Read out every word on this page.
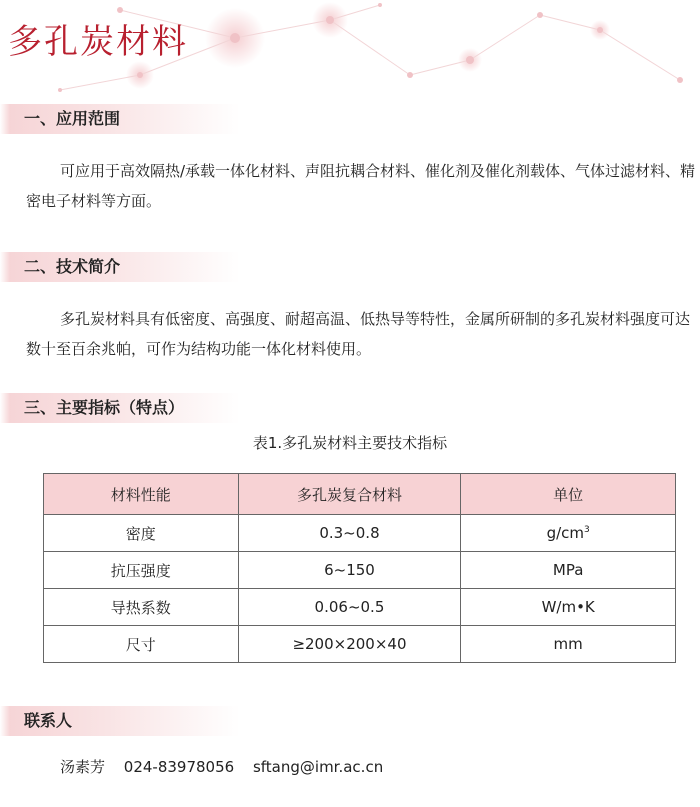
多孔炭材料
一、应用范围

可应用于高效隔热/承载一体化材料、声阻抗耦合材料、催化剂及催化剂载体、气体过滤材料、精密电子材料等方面。

二、技术简介

多孔炭材料具有低密度、高强度、耐超高温、低热导等特性，金属所研制的多孔炭材料强度可达数十至百余兆帕，可作为结构功能一体化材料使用。

三、主要指标（特点）
表1.多孔炭材料主要技术指标
材料性能	多孔炭复合材料	单位
密度	0.3~0.8	$g/cm^3$
抗压强度	6~150	MPa
导热系数	0.06~0.5	W/m•K
尺寸	≥200×200×40	mm
联系人
汤素芳 024-83978056 sftang@imr.ac.cn
